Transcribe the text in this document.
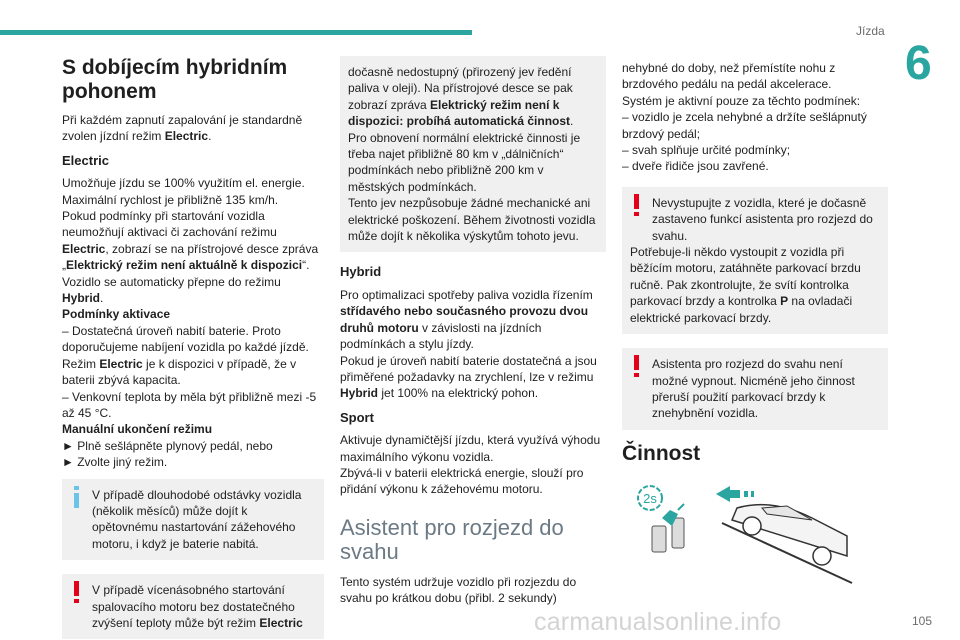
Jízda
6
S dobíjecím hybridním pohonem

Při každém zapnutí zapalování je standardně zvolen jízdní režim Electric.

Electric

Umožňuje jízdu se 100% využitím el. energie.

Maximální rychlost je přibližně 135 km/h.

Pokud podmínky při startování vozidla neumožňují aktivaci či zachování režimu Electric, zobrazí se na přístrojové desce zpráva „Elektrický režim není aktuálně k dispozici“.

Vozidlo se automaticky přepne do režimu Hybrid.

Podmínky aktivace

– Dostatečná úroveň nabití baterie. Proto doporučujeme nabíjení vozidla po každé jízdě.

Režim Electric je k dispozici v případě, že v baterii zbývá kapacita.

– Venkovní teplota by měla být přibližně mezi -5 až 45 °C.

Manuální ukončení režimu

► Plně sešlápněte plynový pedál, nebo

► Zvolte jiný režim.

V případě dlouhodobé odstávky vozidla (několik měsíců) může dojít k opětovnému nastartování zážehového motoru, i když je baterie nabitá.

V případě vícenásobného startování spalovacího motoru bez dostatečného zvýšení teploty může být režim Electric

dočasně nedostupný (přirozený jev ředění paliva v oleji). Na přístrojové desce se pak zobrazí zpráva Elektrický režim není k dispozici: probíhá automatická činnost.

Pro obnovení normální elektrické činnosti je třeba najet přibližně 80 km v „dálničních“ podmínkách nebo přibližně 200 km v městských podmínkách.

Tento jev nezpůsobuje žádné mechanické ani elektrické poškození. Během životnosti vozidla může dojít k několika výskytům tohoto jevu.

Hybrid

Pro optimalizaci spotřeby paliva vozidla řízením střídavého nebo současného provozu dvou druhů motoru v závislosti na jízdních podmínkách a stylu jízdy.

Pokud je úroveň nabití baterie dostatečná a jsou přiměřené požadavky na zrychlení, lze v režimu Hybrid jet 100% na elektrický pohon.

Sport

Aktivuje dynamičtější jízdu, která využívá výhodu maximálního výkonu vozidla.

Zbývá-li v baterii elektrická energie, slouží pro přidání výkonu k zážehovému motoru.

Asistent pro rozjezd do svahu

Tento systém udržuje vozidlo při rozjezdu do svahu po krátkou dobu (přibl. 2 sekundy)

nehybné do doby, než přemístíte nohu z brzdového pedálu na pedál akcelerace.

Systém je aktivní pouze za těchto podmínek:

– vozidlo je zcela nehybné a držíte sešlápnutý brzdový pedál;

– svah splňuje určité podmínky;

– dveře řidiče jsou zavřené.

Nevystupujte z vozidla, které je dočasně zastaveno funkcí asistenta pro rozjezd do svahu.

Potřebuje-li někdo vystoupit z vozidla při běžícím motoru, zatáhněte parkovací brzdu ručně. Pak zkontrolujte, že svítí kontrolka parkovací brzdy a kontrolka P na ovladači elektrické parkovací brzdy.

Asistenta pro rozjezd do svahu není možné vypnout. Nicméně jeho činnost přeruší použití parkovací brzdy k znehybnění vozidla.

Činnost
2s
carmanualsonline.info	105
